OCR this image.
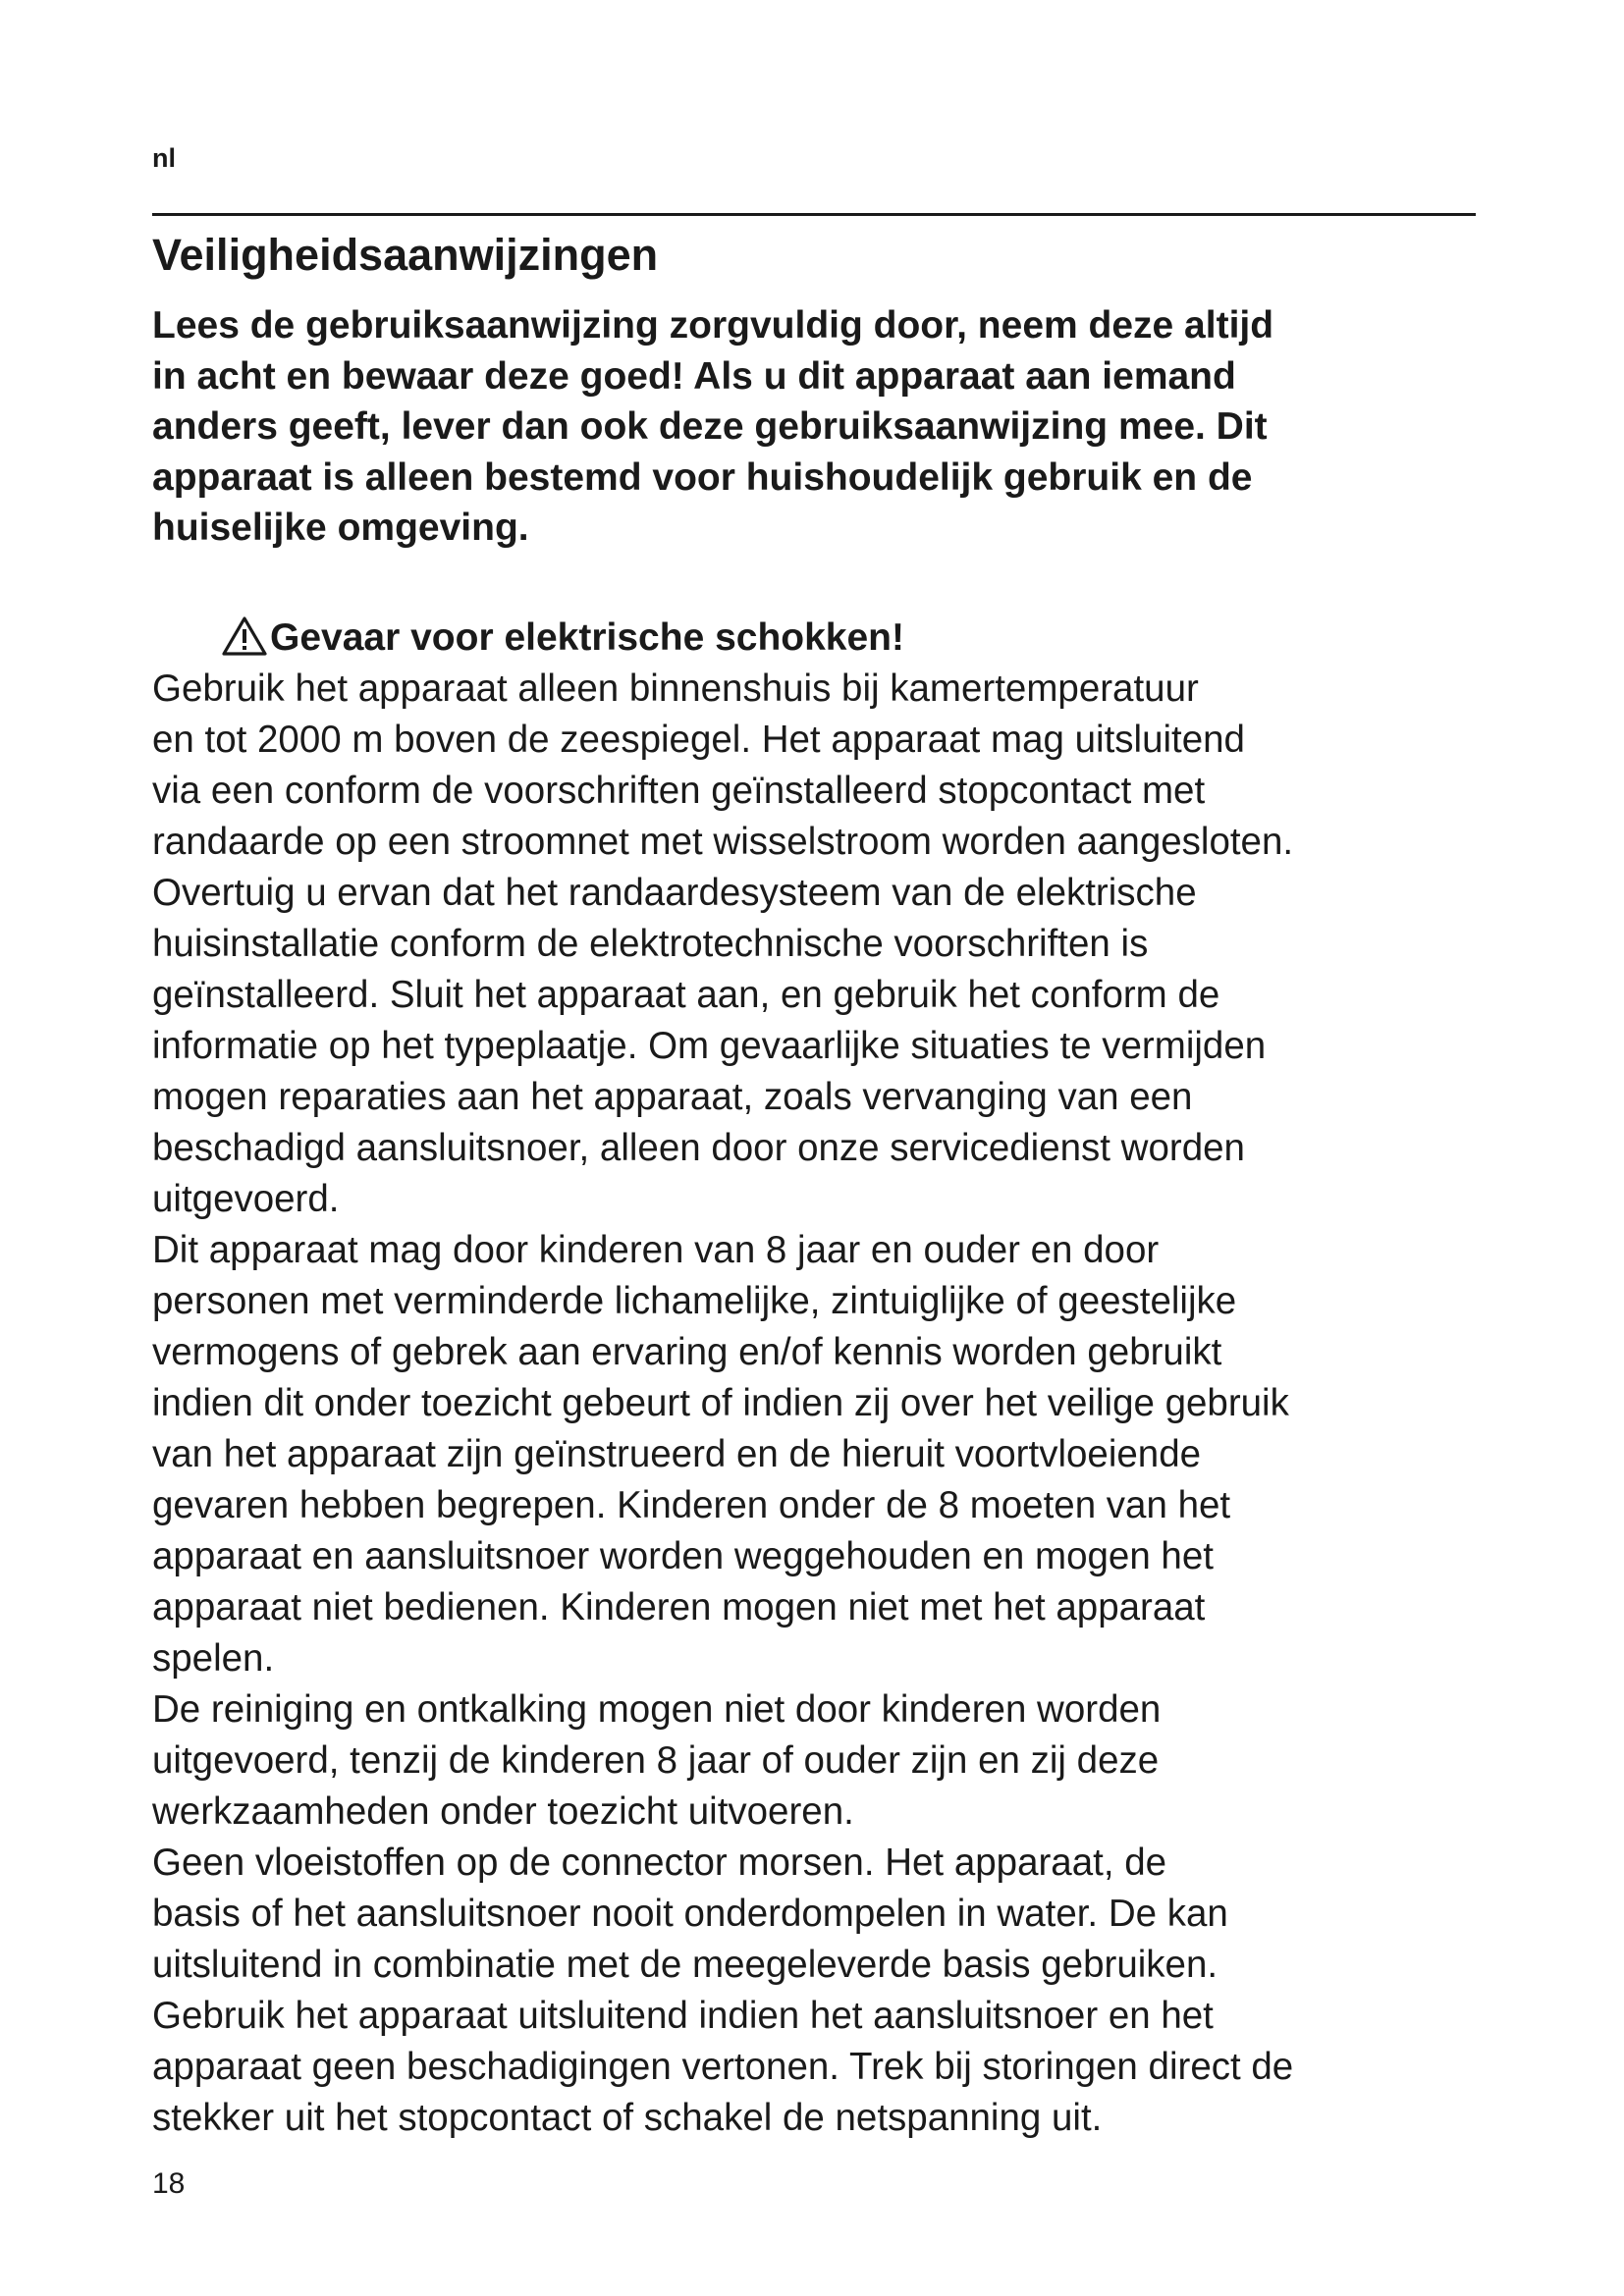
nl
Veiligheidsaanwijzingen

Lees de gebruiksaanwijzing zorgvuldig door, neem deze altijd
in acht en bewaar deze goed! Als u dit apparaat aan iemand
anders geeft, lever dan ook deze gebruiksaanwijzing mee. Dit
apparaat is alleen bestemd voor huishoudelijk gebruik en de
huiselijke omgeving.

Gevaar voor elektrische schokken!

Gebruik het apparaat alleen binnenshuis bij kamertemperatuur
en tot 2000 m boven de zeespiegel. Het apparaat mag uitsluitend
via een conform de voorschriften geïnstalleerd stopcontact met
randaarde op een stroomnet met wisselstroom worden aangesloten.
Overtuig u ervan dat het randaardesysteem van de elektrische
huisinstallatie conform de elektrotechnische voorschriften is
geïnstalleerd. Sluit het apparaat aan, en gebruik het conform de
informatie op het typeplaatje. Om gevaarlijke situaties te vermijden
mogen reparaties aan het apparaat, zoals vervanging van een
beschadigd aansluitsnoer, alleen door onze servicedienst worden
uitgevoerd.
Dit apparaat mag door kinderen van 8 jaar en ouder en door
personen met verminderde lichamelijke, zintuiglijke of geestelijke
vermogens of gebrek aan ervaring en/of kennis worden gebruikt
indien dit onder toezicht gebeurt of indien zij over het veilige gebruik
van het apparaat zijn geïnstrueerd en de hieruit voortvloeiende
gevaren hebben begrepen. Kinderen onder de 8 moeten van het
apparaat en aansluitsnoer worden weggehouden en mogen het
apparaat niet bedienen. Kinderen mogen niet met het apparaat
spelen.
De reiniging en ontkalking mogen niet door kinderen worden
uitgevoerd, tenzij de kinderen 8 jaar of ouder zijn en zij deze
werkzaamheden onder toezicht uitvoeren.
Geen vloeistoffen op de connector morsen. Het apparaat, de
basis of het aansluitsnoer nooit onderdompelen in water. De kan
uitsluitend in combinatie met de meegeleverde basis gebruiken.
Gebruik het apparaat uitsluitend indien het aansluitsnoer en het
apparaat geen beschadigingen vertonen. Trek bij storingen direct de
stekker uit het stopcontact of schakel de netspanning uit.

18
